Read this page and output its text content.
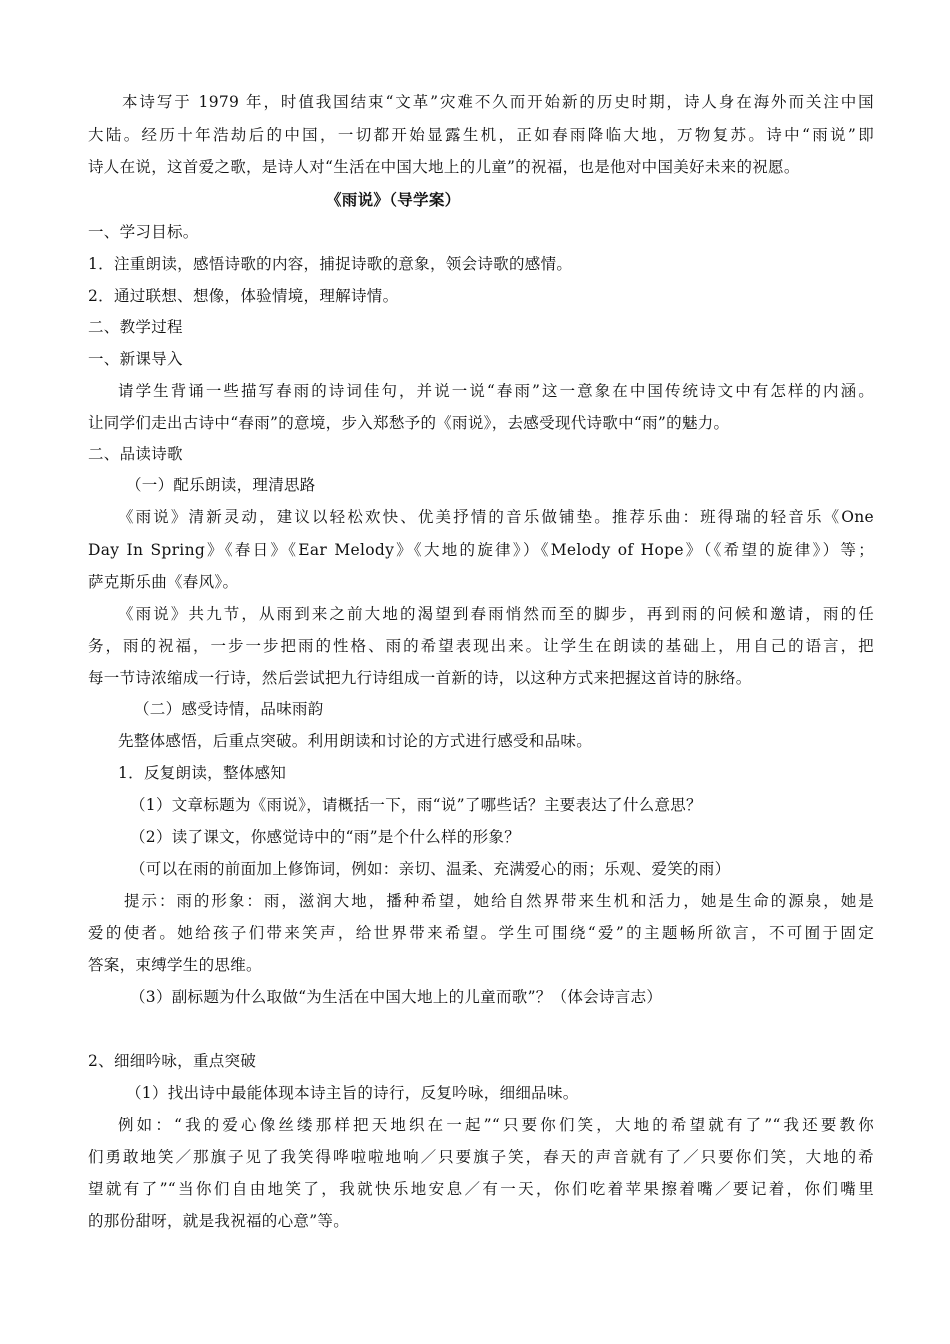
本诗写于 1979 年，时值我国结束“文革”灾难不久而开始新的历史时期，诗人身在海外而关注中国
大陆。经历十年浩劫后的中国，一切都开始显露生机，正如春雨降临大地，万物复苏。诗中“雨说”即
诗人在说，这首爱之歌，是诗人对“生活在中国大地上的儿童”的祝福，也是他对中国美好未来的祝愿。
《雨说》（导学案）
一、学习目标。
1．注重朗读，感悟诗歌的内容，捕捉诗歌的意象，领会诗歌的感情。
2．通过联想、想像，体验情境，理解诗情。
二、教学过程
一、新课导入
请学生背诵一些描写春雨的诗词佳句，并说一说“春雨”这一意象在中国传统诗文中有怎样的内涵。
让同学们走出古诗中“春雨”的意境，步入郑愁予的《雨说》，去感受现代诗歌中“雨”的魅力。
二、品读诗歌
（一）配乐朗读，理清思路
《雨说》清新灵动，建议以轻松欢快、优美抒情的音乐做铺垫。推荐乐曲：班得瑞的轻音乐《One
Day In Spring》《春日》《Ear Melody》《大地的旋律》）《Melody of Hope》（《希望的旋律》）等；
萨克斯乐曲《春风》。
《雨说》共九节，从雨到来之前大地的渴望到春雨悄然而至的脚步，再到雨的问候和邀请，雨的任
务，雨的祝福，一步一步把雨的性格、雨的希望表现出来。让学生在朗读的基础上，用自己的语言，把
每一节诗浓缩成一行诗，然后尝试把九行诗组成一首新的诗，以这种方式来把握这首诗的脉络。
（二）感受诗情，品味雨韵
先整体感悟，后重点突破。利用朗读和讨论的方式进行感受和品味。
1．反复朗读，整体感知
（1）文章标题为《雨说》，请概括一下，雨“说”了哪些话？主要表达了什么意思？
（2）读了课文，你感觉诗中的“雨”是个什么样的形象？
（可以在雨的前面加上修饰词，例如：亲切、温柔、充满爱心的雨；乐观、爱笑的雨）
提示：雨的形象：雨，滋润大地，播种希望，她给自然界带来生机和活力，她是生命的源泉，她是
爱的使者。她给孩子们带来笑声，给世界带来希望。学生可围绕“爱”的主题畅所欲言，不可囿于固定
答案，束缚学生的思维。
（3）副标题为什么取做“为生活在中国大地上的儿童而歌”？（体会诗言志）
2、细细吟咏，重点突破
（1）找出诗中最能体现本诗主旨的诗行，反复吟咏，细细品味。
例如：“我的爱心像丝缕那样把天地织在一起”“只要你们笑，大地的希望就有了”“我还要教你
们勇敢地笑／那旗子见了我笑得哗啦啦地响／只要旗子笑，春天的声音就有了／只要你们笑，大地的希
望就有了”“当你们自由地笑了，我就快乐地安息／有一天，你们吃着苹果擦着嘴／要记着，你们嘴里
的那份甜呀，就是我祝福的心意”等。
